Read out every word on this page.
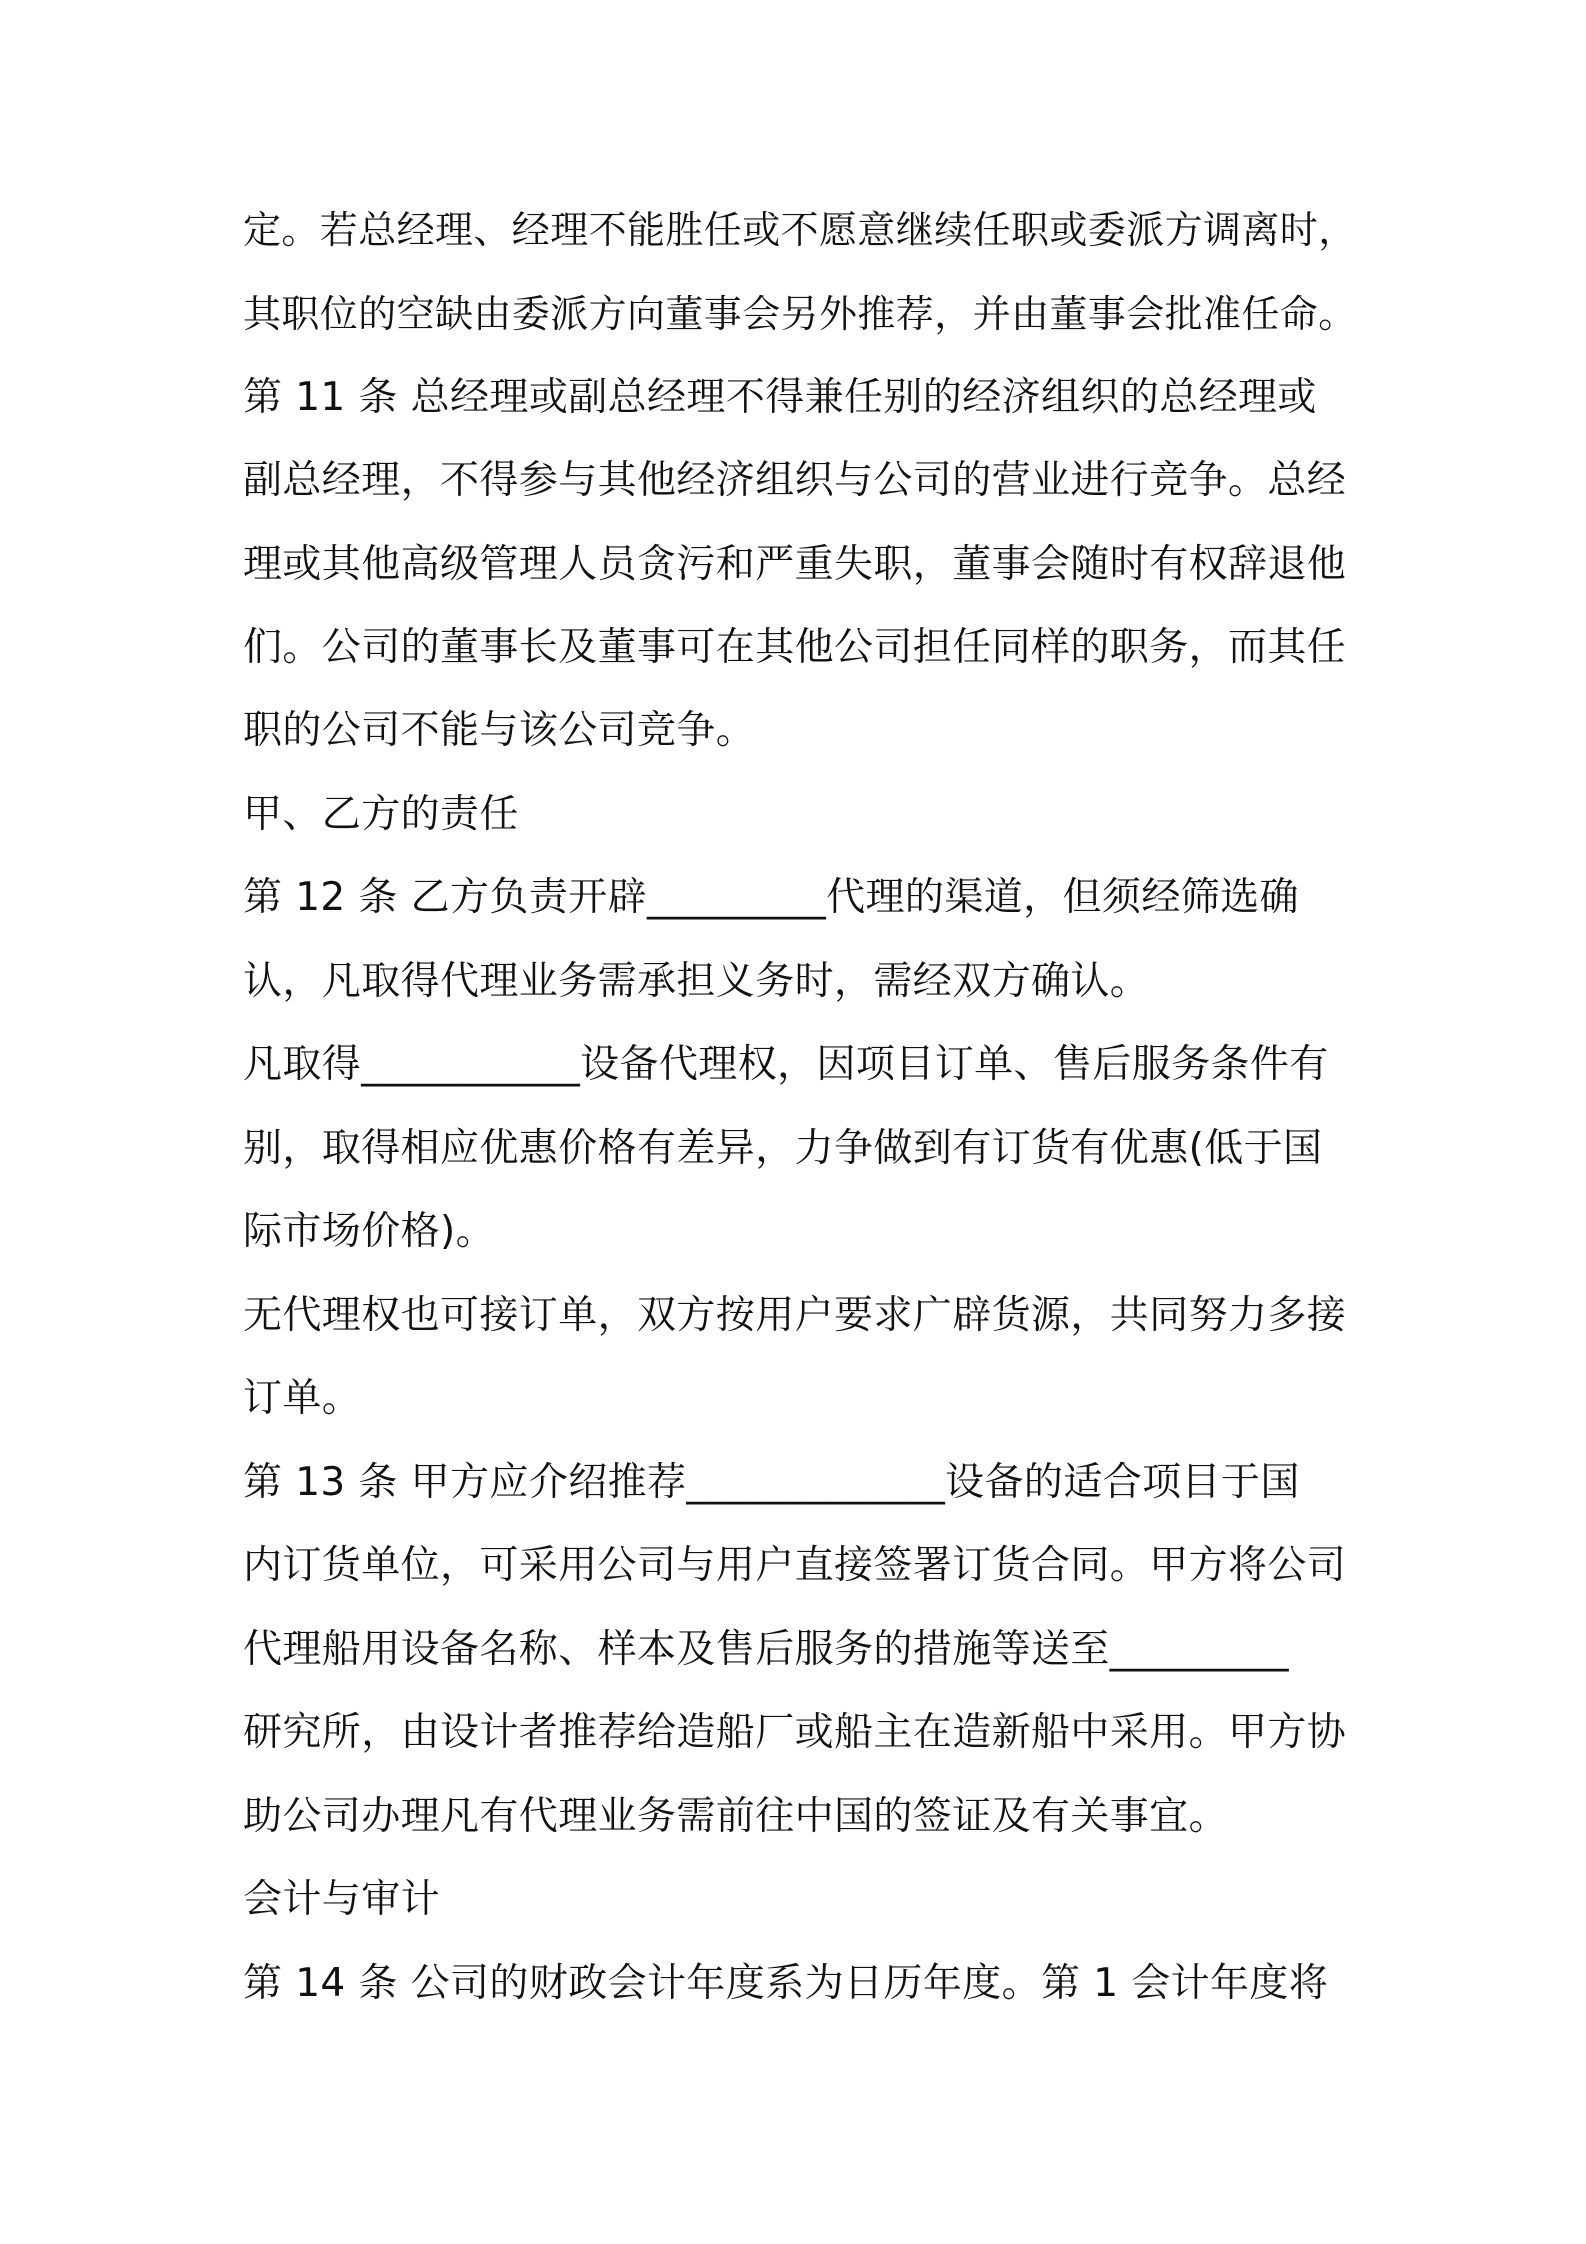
定。若总经理、经理不能胜任或不愿意继续任职或委派方调离时，

其职位的空缺由委派方向董事会另外推荐，并由董事会批准任命。

第 11 条 总经理或副总经理不得兼任别的经济组织的总经理或

副总经理，不得参与其他经济组织与公司的营业进行竞争。总经

理或其他高级管理人员贪污和严重失职，董事会随时有权辞退他

们。公司的董事长及董事可在其他公司担任同样的职务，而其任

职的公司不能与该公司竞争。

甲、乙方的责任

第 12 条 乙方负责开辟_________代理的渠道，但须经筛选确

认，凡取得代理业务需承担义务时，需经双方确认。

凡取得___________设备代理权，因项目订单、售后服务条件有

别，取得相应优惠价格有差异，力争做到有订货有优惠(低于国

际市场价格)。

无代理权也可接订单，双方按用户要求广辟货源，共同努力多接

订单。

第 13 条 甲方应介绍推荐_____________设备的适合项目于国

内订货单位，可采用公司与用户直接签署订货合同。甲方将公司

代理船用设备名称、样本及售后服务的措施等送至_________

研究所，由设计者推荐给造船厂或船主在造新船中采用。甲方协

助公司办理凡有代理业务需前往中国的签证及有关事宜。

会计与审计

第 14 条 公司的财政会计年度系为日历年度。第 1 会计年度将
